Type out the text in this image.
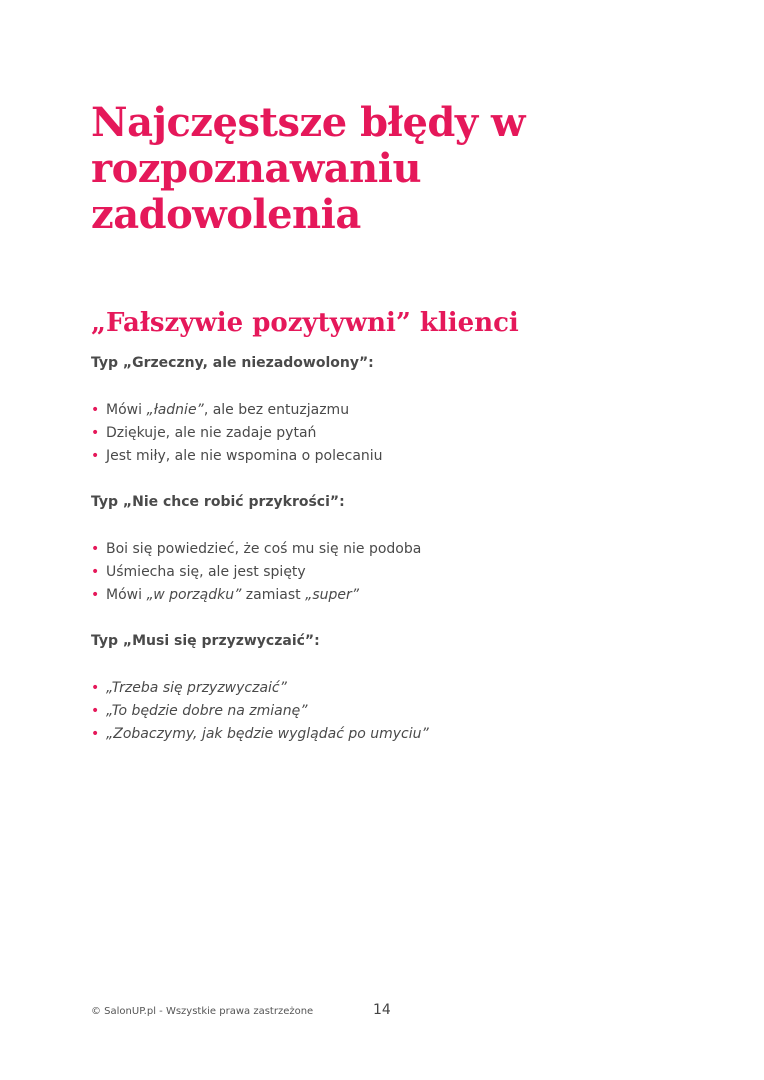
Najczęstsze błędy w
rozpoznawaniu
zadowolenia
„Fałszywie pozytywni” klienci

Typ „Grzeczny, ale niezadowolony”:

• Mówi „ładnie”, ale bez entuzjazmu
• Dziękuje, ale nie zadaje pytań
• Jest miły, ale nie wspomina o polecaniu

Typ „Nie chce robić przykrości”:

• Boi się powiedzieć, że coś mu się nie podoba
• Uśmiecha się, ale jest spięty
• Mówi „w porządku” zamiast „super”

Typ „Musi się przyzwyczaić”:

• „Trzeba się przyzwyczaić”
• „To będzie dobre na zmianę”
• „Zobaczymy, jak będzie wyglądać po umyciu”
© SalonUP.pl - Wszystkie prawa zastrzeżone	14
